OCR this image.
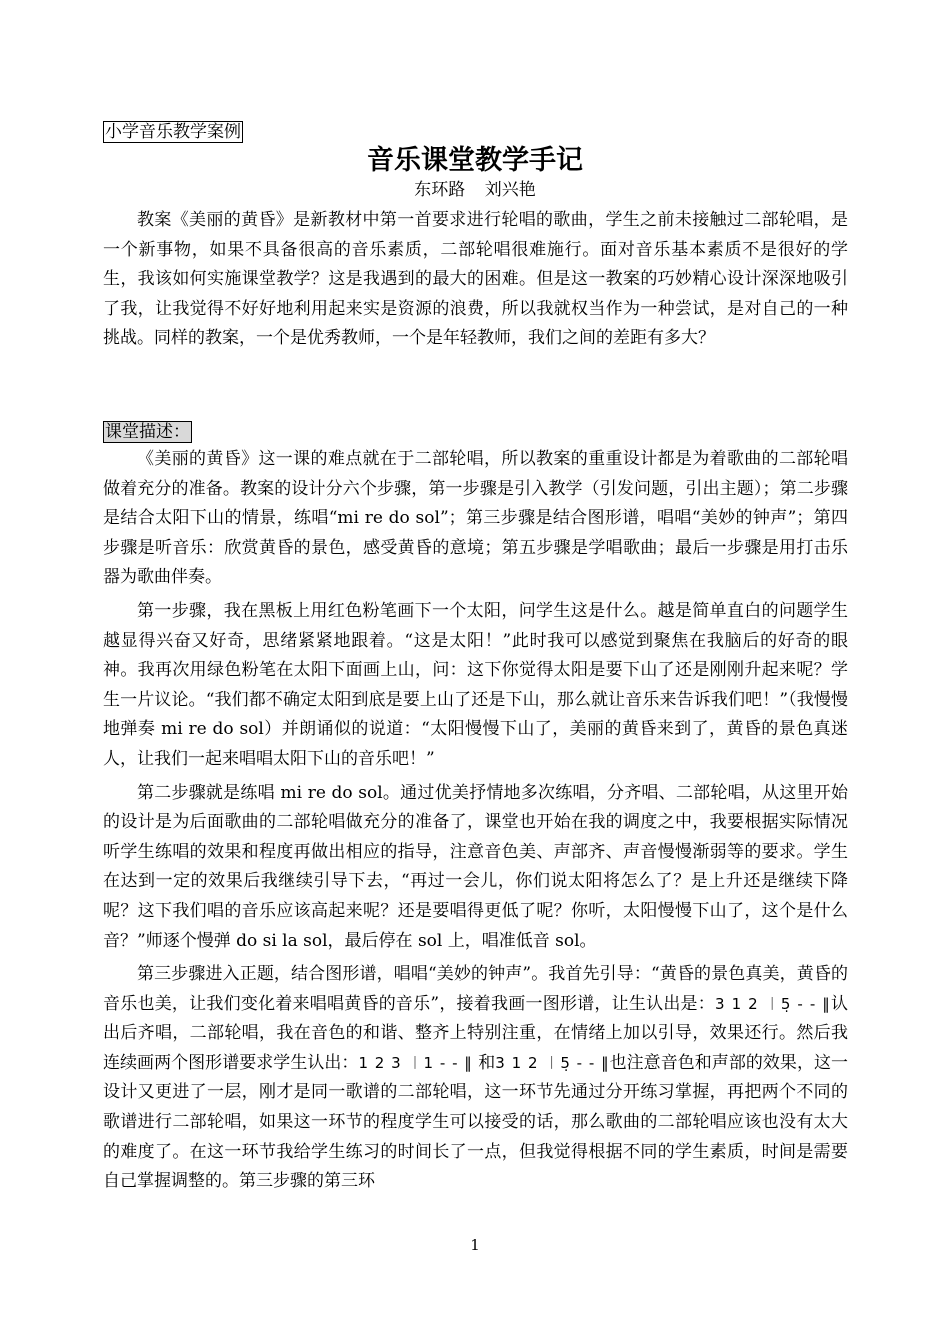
小学音乐教学案例
音乐课堂教学手记
东环路 刘兴艳

教案《美丽的黄昏》是新教材中第一首要求进行轮唱的歌曲，学生之前未接触过二部轮唱，是一个新事物，如果不具备很高的音乐素质，二部轮唱很难施行。面对音乐基本素质不是很好的学生，我该如何实施课堂教学？这是我遇到的最大的困难。但是这一教案的巧妙精心设计深深地吸引了我，让我觉得不好好地利用起来实是资源的浪费，所以我就权当作为一种尝试，是对自己的一种挑战。同样的教案，一个是优秀教师，一个是年轻教师，我们之间的差距有多大？

课堂描述：

《美丽的黄昏》这一课的难点就在于二部轮唱，所以教案的重重设计都是为着歌曲的二部轮唱做着充分的准备。教案的设计分六个步骤，第一步骤是引入教学（引发问题，引出主题）；第二步骤是结合太阳下山的情景，练唱“mi re do sol”；第三步骤是结合图形谱，唱唱“美妙的钟声”；第四步骤是听音乐：欣赏黄昏的景色，感受黄昏的意境；第五步骤是学唱歌曲；最后一步骤是用打击乐器为歌曲伴奏。

第一步骤，我在黑板上用红色粉笔画下一个太阳，问学生这是什么。越是简单直白的问题学生越显得兴奋又好奇，思绪紧紧地跟着。“这是太阳！”此时我可以感觉到聚焦在我脑后的好奇的眼神。我再次用绿色粉笔在太阳下面画上山，问：这下你觉得太阳是要下山了还是刚刚升起来呢？学生一片议论。“我们都不确定太阳到底是要上山了还是下山，那么就让音乐来告诉我们吧！”（我慢慢地弹奏 mi re do sol）并朗诵似的说道：“太阳慢慢下山了，美丽的黄昏来到了，黄昏的景色真迷人，让我们一起来唱唱太阳下山的音乐吧！”

第二步骤就是练唱 mi re do sol。通过优美抒情地多次练唱，分齐唱、二部轮唱，从这里开始的设计是为后面歌曲的二部轮唱做充分的准备了，课堂也开始在我的调度之中，我要根据实际情况听学生练唱的效果和程度再做出相应的指导，注意音色美、声部齐、声音慢慢渐弱等的要求。学生在达到一定的效果后我继续引导下去，“再过一会儿，你们说太阳将怎么了？是上升还是继续下降呢？这下我们唱的音乐应该高起来呢？还是要唱得更低了呢？你听，太阳慢慢下山了，这个是什么音？”师逐个慢弹 do si la sol，最后停在 sol 上，唱准低音 sol。

第三步骤进入正题，结合图形谱，唱唱“美妙的钟声”。我首先引导：“黄昏的景色真美，黄昏的音乐也美，让我们变化着来唱唱黄昏的音乐”，接着我画一图形谱，让生认出是：3 1 2 ︱5̣ - - ‖认出后齐唱，二部轮唱，我在音色的和谐、整齐上特别注重，在情绪上加以引导，效果还行。然后我连续画两个图形谱要求学生认出：1 2 3 ︱1 - - ‖ 和3 1 2 ︱5̣ - - ‖也注意音色和声部的效果，这一设计又更进了一层，刚才是同一歌谱的二部轮唱，这一环节先通过分开练习掌握，再把两个不同的歌谱进行二部轮唱，如果这一环节的程度学生可以接受的话，那么歌曲的二部轮唱应该也没有太大的难度了。在这一环节我给学生练习的时间长了一点，但我觉得根据不同的学生素质，时间是需要自己掌握调整的。第三步骤的第三环

1
